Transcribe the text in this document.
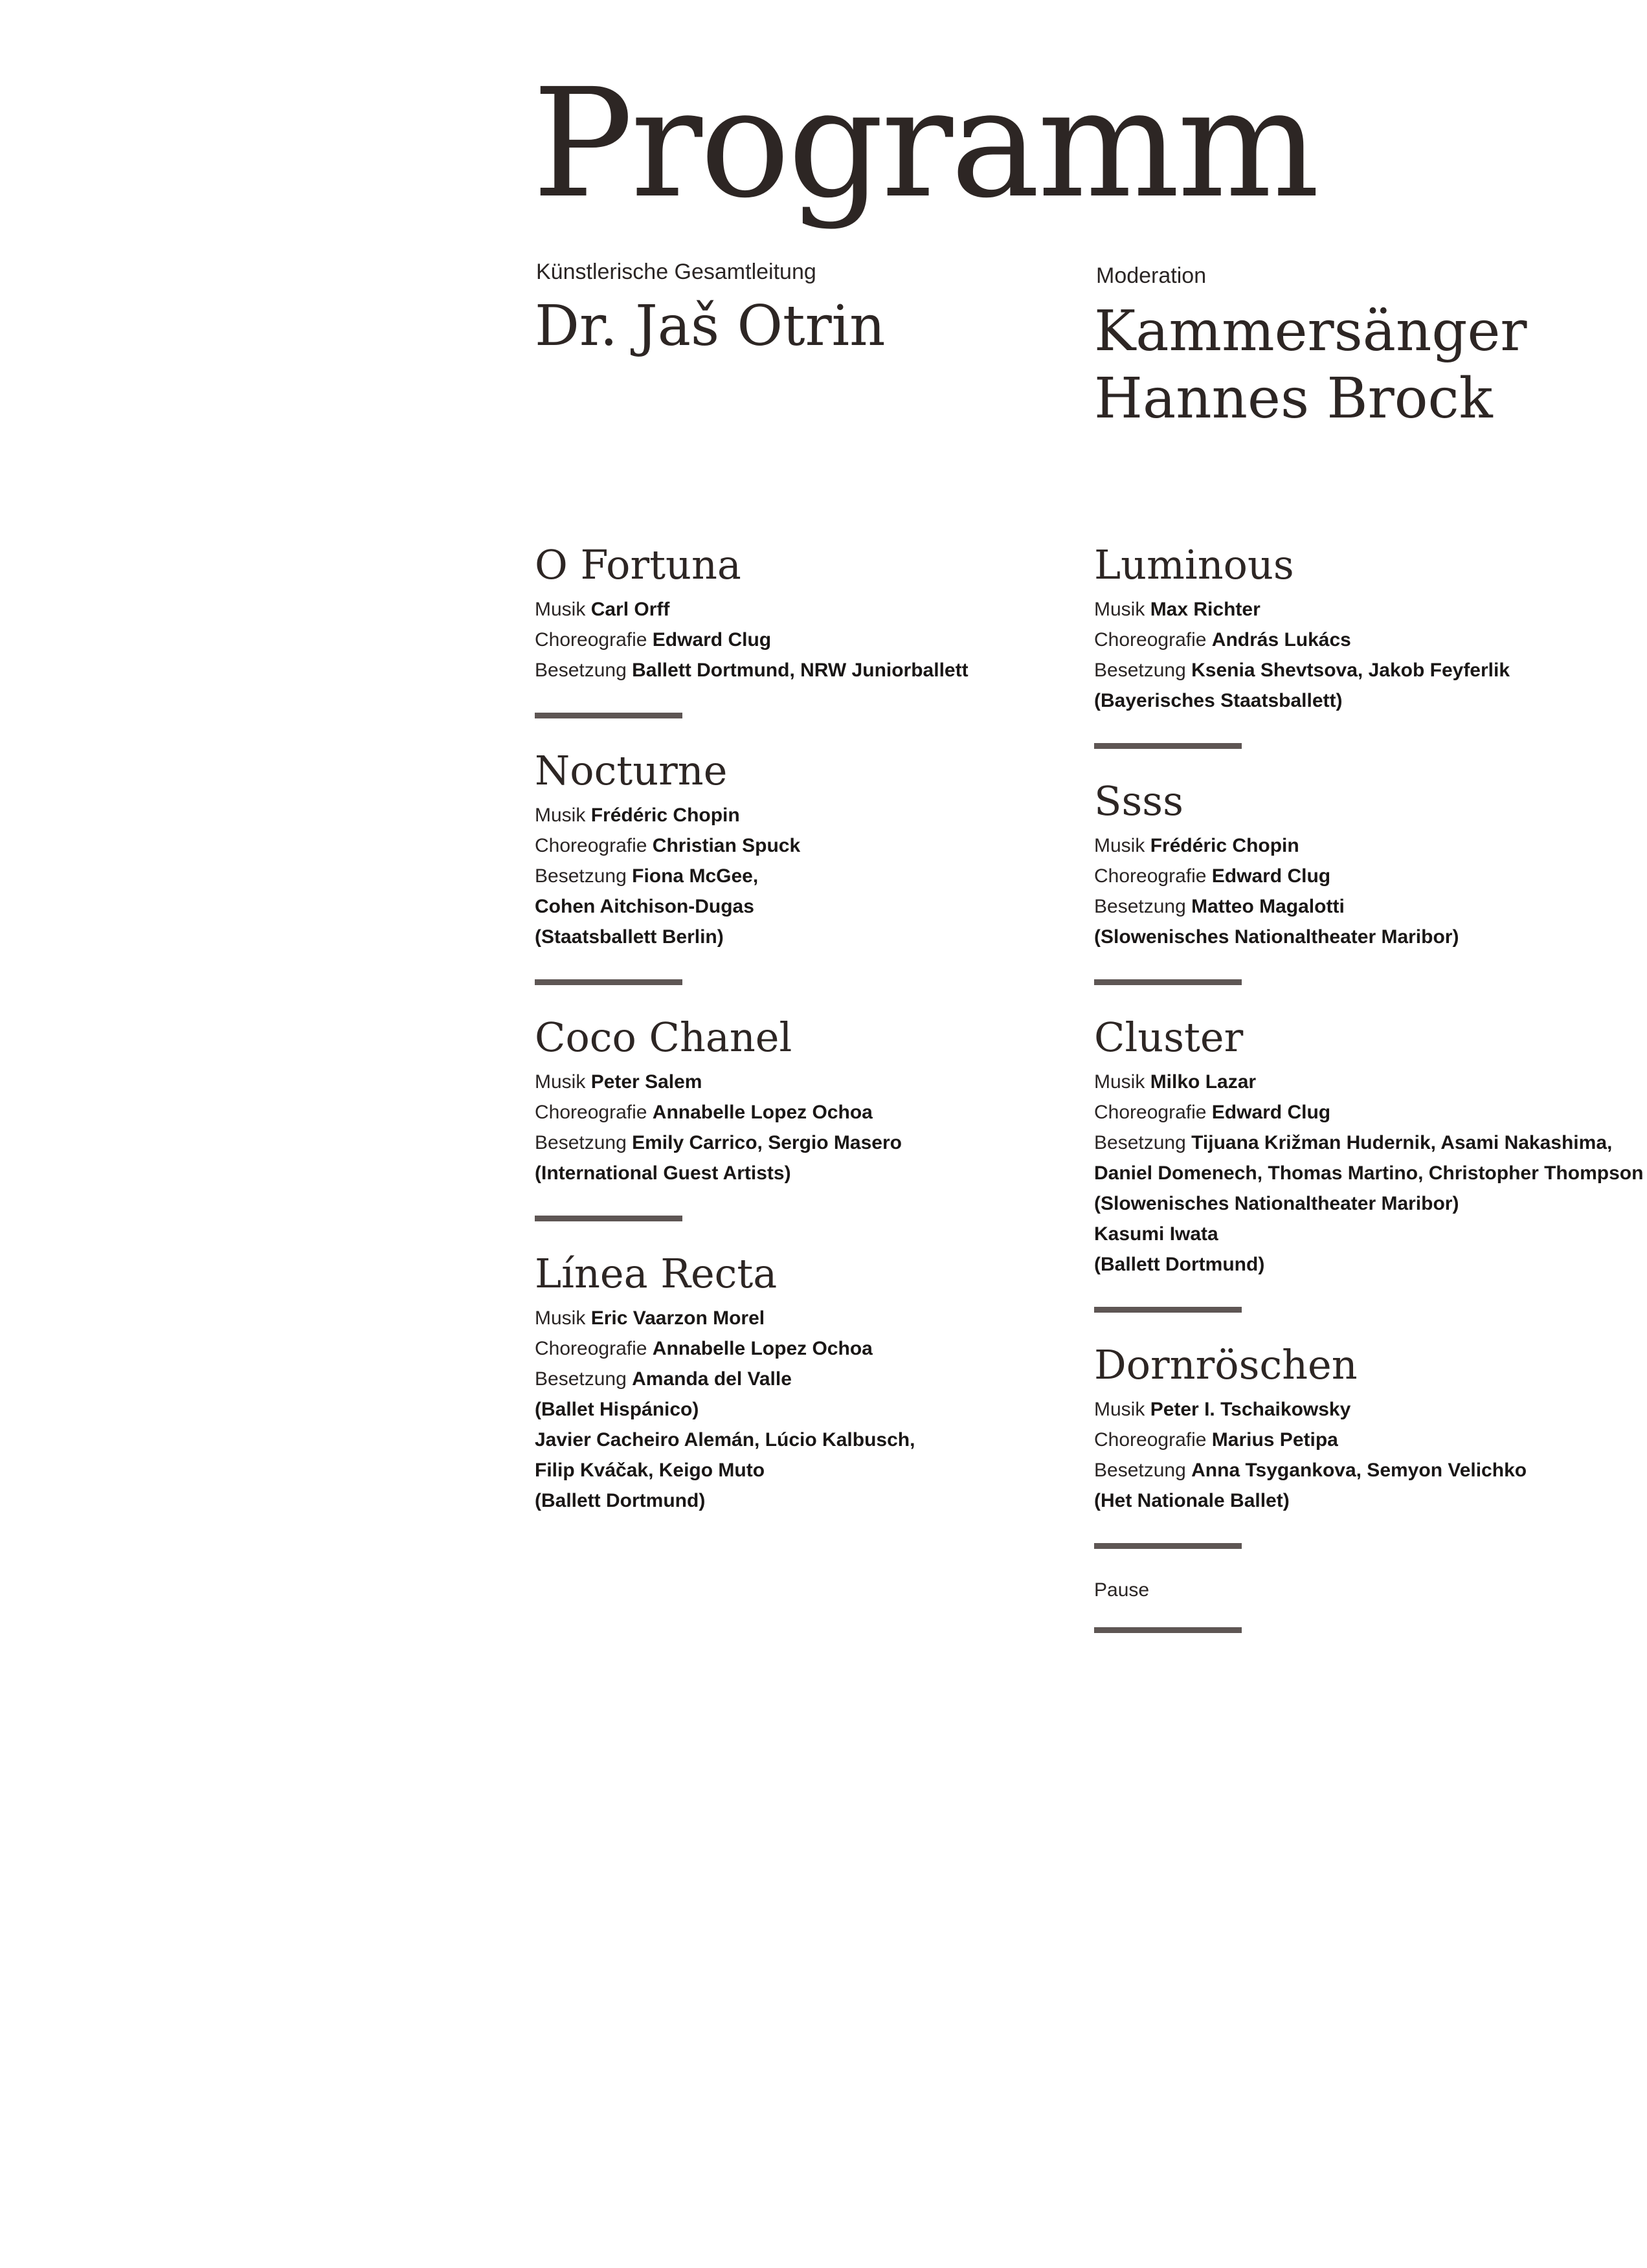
Programm
Künstlerische Gesamtleitung
Dr. Jaš Otrin
Moderation
Kammersänger
Hannes Brock
O Fortuna
Musik Carl Orff
Choreografie Edward Clug
Besetzung Ballett Dortmund, NRW Juniorballett
Nocturne
Musik Frédéric Chopin
Choreografie Christian Spuck
Besetzung Fiona McGee,
Cohen Aitchison-Dugas
(Staatsballett Berlin)
Coco Chanel
Musik Peter Salem
Choreografie Annabelle Lopez Ochoa
Besetzung Emily Carrico, Sergio Masero
(International Guest Artists)
Línea Recta
Musik Eric Vaarzon Morel
Choreografie Annabelle Lopez Ochoa
Besetzung Amanda del Valle
(Ballet Hispánico)
Javier Cacheiro Alemán, Lúcio Kalbusch,
Filip Kváčak, Keigo Muto
(Ballett Dortmund)
Luminous
Musik Max Richter
Choreografie András Lukács
Besetzung Ksenia Shevtsova, Jakob Feyferlik
(Bayerisches Staatsballett)
Ssss
Musik Frédéric Chopin
Choreografie Edward Clug
Besetzung Matteo Magalotti
(Slowenisches Nationaltheater Maribor)
Cluster
Musik Milko Lazar
Choreografie Edward Clug
Besetzung Tijuana Križman Hudernik, Asami Nakashima,
Daniel Domenech, Thomas Martino, Christopher Thompson
(Slowenisches Nationaltheater Maribor)
Kasumi Iwata
(Ballett Dortmund)
Dornröschen
Musik Peter I. Tschaikowsky
Choreografie Marius Petipa
Besetzung Anna Tsygankova, Semyon Velichko
(Het Nationale Ballet)
Pause
